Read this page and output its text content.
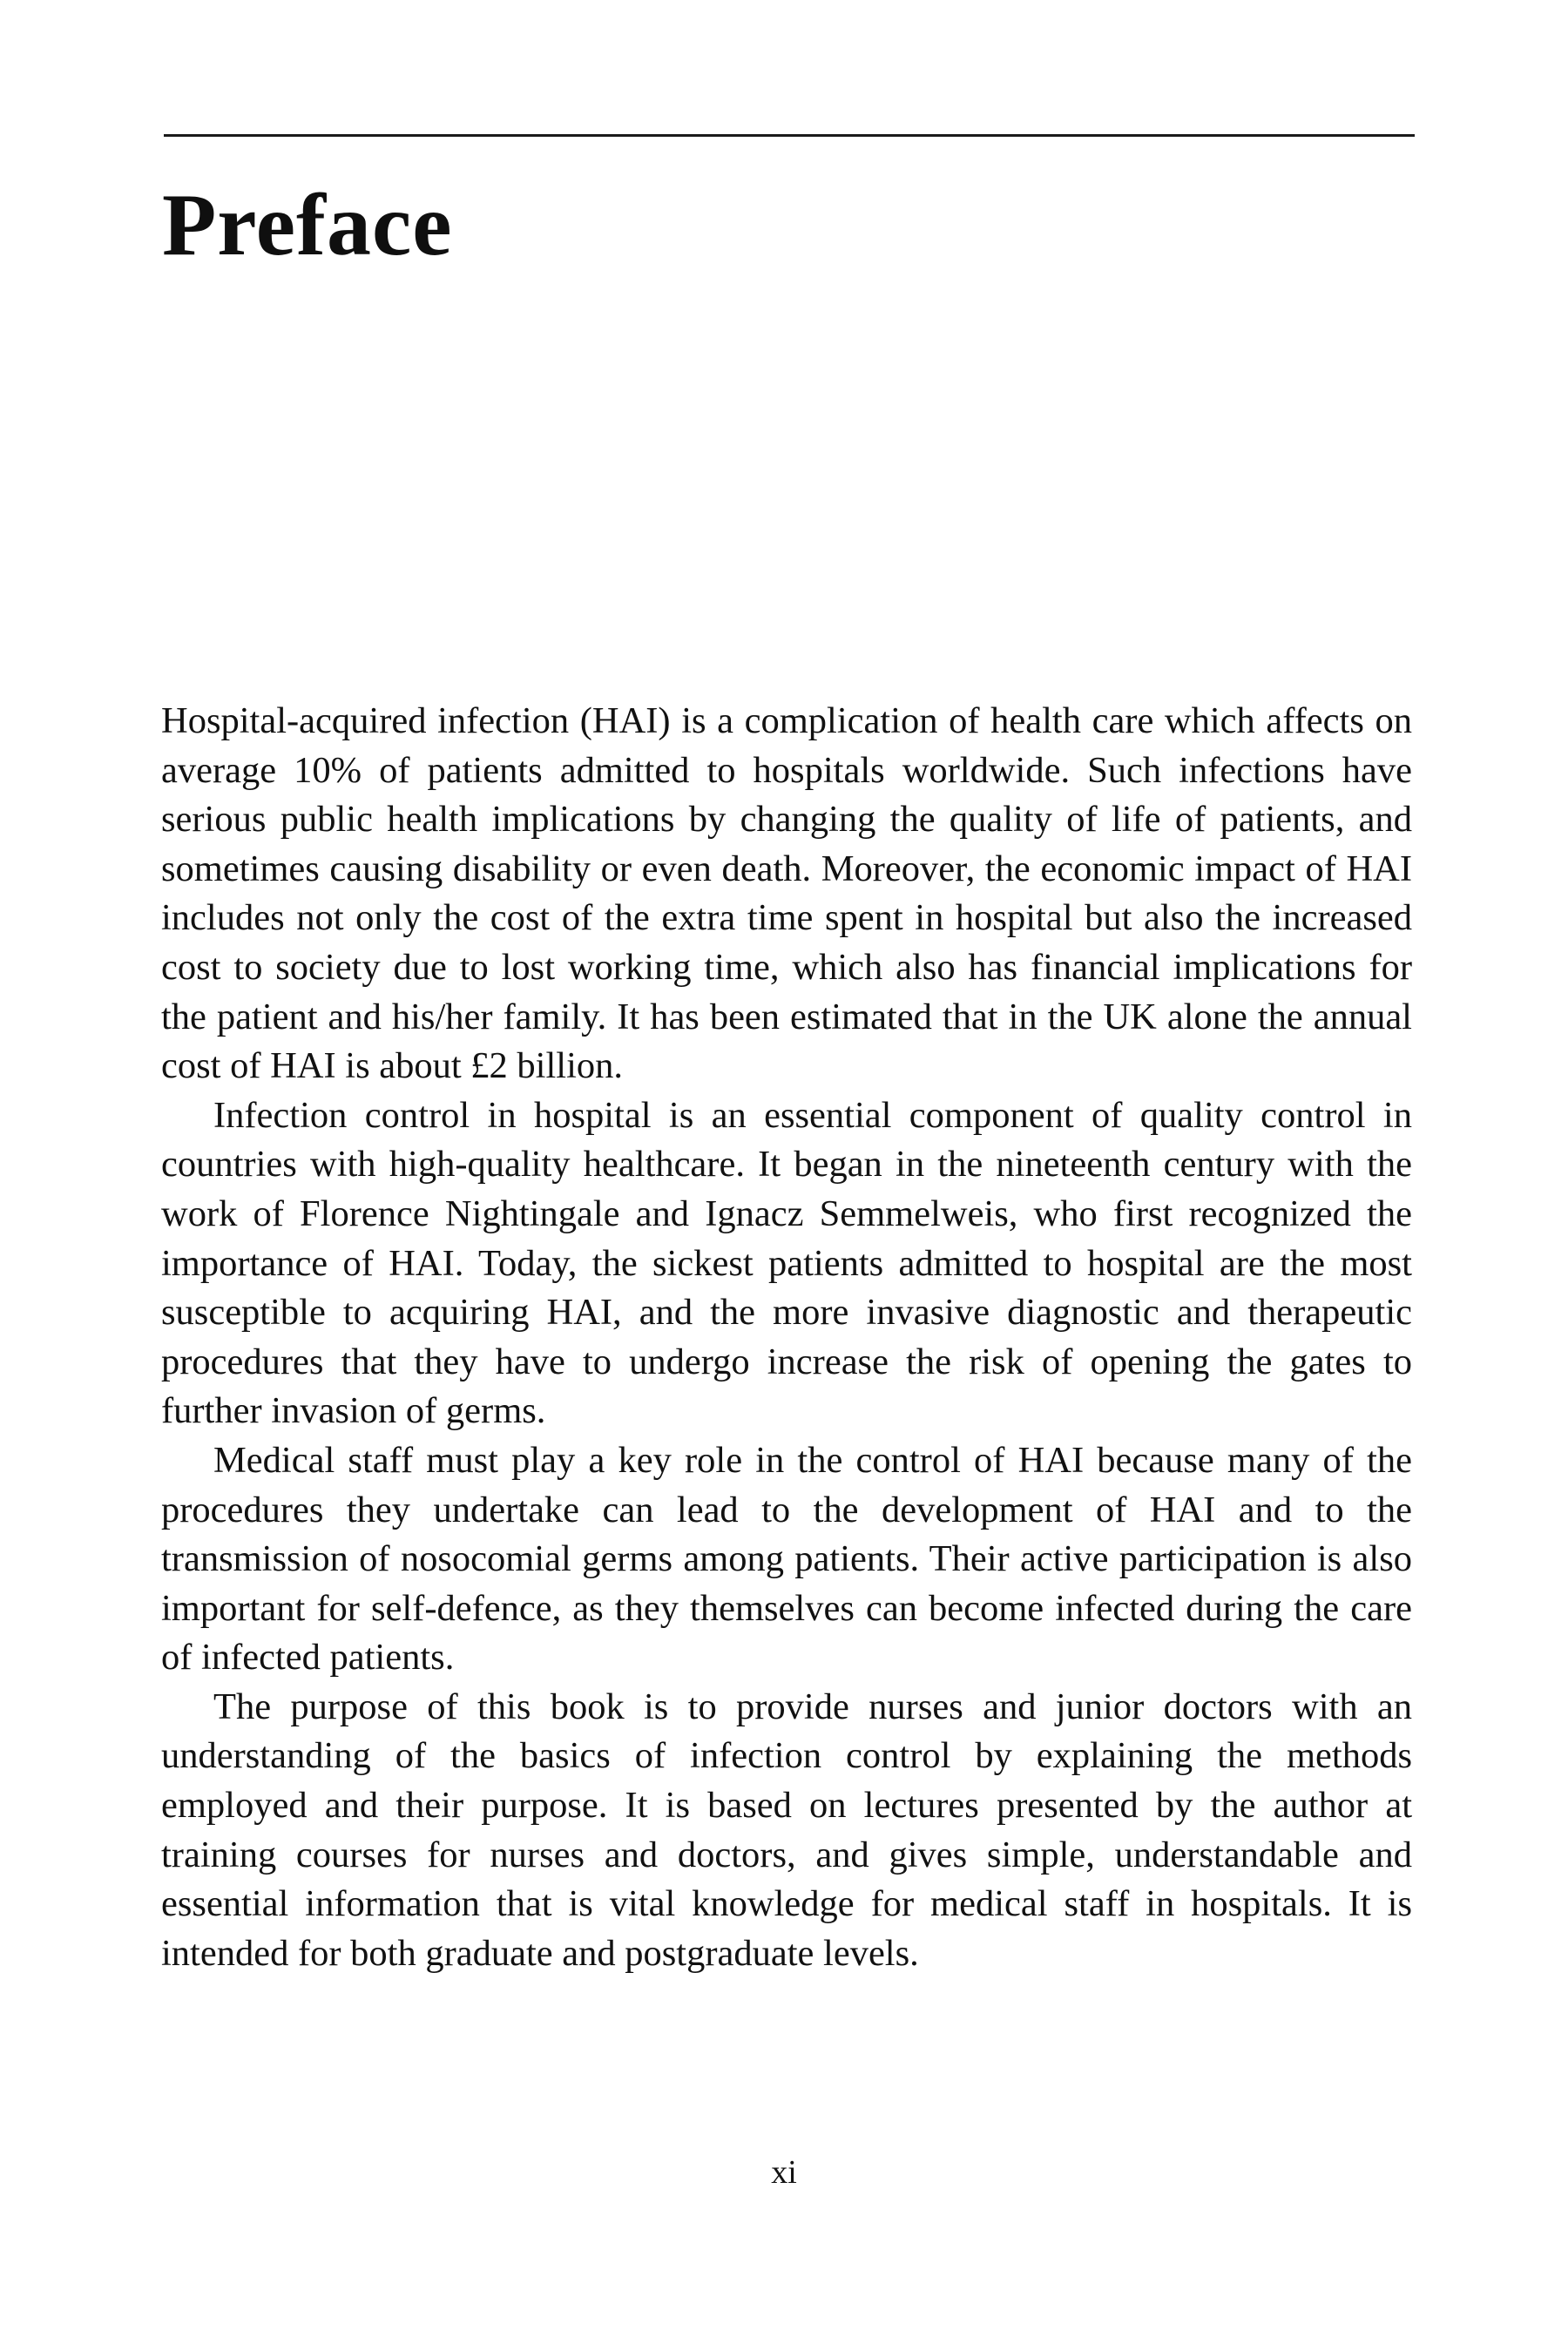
Preface

Hospital-acquired infection (HAI) is a complication of health care which affects on average 10% of patients admitted to hospitals worldwide. Such infections have serious public health implications by changing the quality of life of patients, and sometimes causing disability or even death. Moreover, the economic impact of HAI includes not only the cost of the extra time spent in hospital but also the increased cost to society due to lost working time, which also has financial implications for the patient and his/her family. It has been estimated that in the UK alone the annual cost of HAI is about £2 billion.

Infection control in hospital is an essential component of quality control in countries with high-quality healthcare. It began in the nineteenth century with the work of Florence Nightingale and Ignacz Semmelweis, who first recognized the importance of HAI. Today, the sickest patients admitted to hospital are the most susceptible to acquiring HAI, and the more invasive diagnostic and therapeutic procedures that they have to undergo increase the risk of opening the gates to further invasion of germs.

Medical staff must play a key role in the control of HAI because many of the procedures they undertake can lead to the development of HAI and to the transmission of nosocomial germs among patients. Their active participation is also important for self-defence, as they themselves can become infected during the care of infected patients.

The purpose of this book is to provide nurses and junior doctors with an understanding of the basics of infection control by explaining the methods employed and their purpose. It is based on lectures presented by the author at training courses for nurses and doctors, and gives simple, understandable and essential information that is vital knowledge for medical staff in hospitals. It is intended for both graduate and postgraduate levels.

xi
